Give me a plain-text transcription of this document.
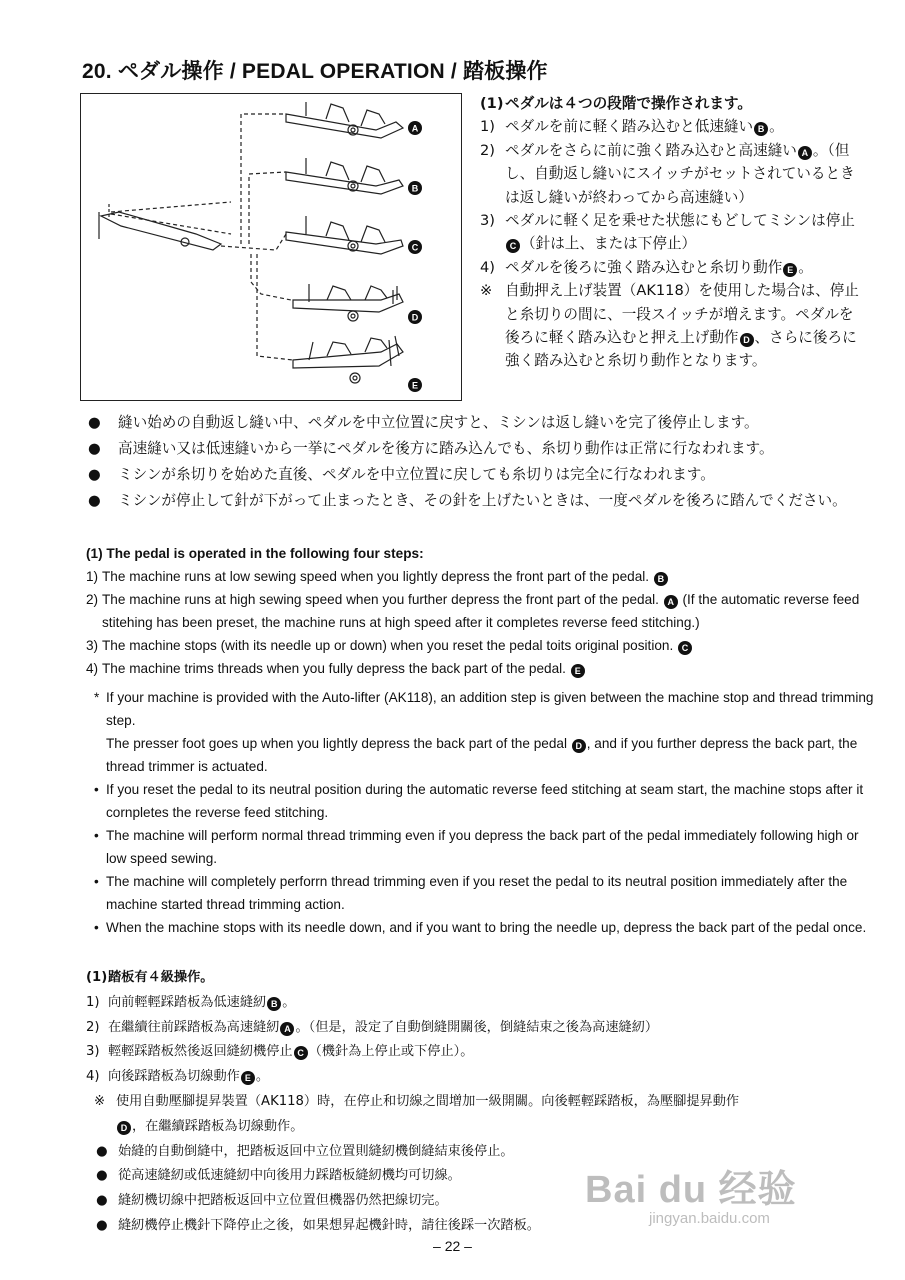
20. ペダル操作 / PEDAL OPERATION / 踏板操作
A
B
C
D
E
(1) ペダルは４つの段階で操作されます。
1) ペダルを前に軽く踏み込むと低速縫い B 。
2) ペダルをさらに前に強く踏み込むと高速縫い A 。（但し、自動返し縫いにスイッチがセットされているときは返し縫いが終わってから高速縫い）
3) ペダルに軽く足を乗せた状態にもどしてミシンは停止C （針は上、または下停止）
4) ペダルを後ろに強く踏み込むと糸切り動作 E 。
※ 自動押え上げ装置（AK118）を使用した場合は、停止と糸切りの間に、一段スイッチが増えます。ペダルを後ろに軽く踏み込むと押え上げ動作 D 、さらに後ろに強く踏み込むと糸切り動作となります。
●	縫い始めの自動返し縫い中、ペダルを中立位置に戻すと、ミシンは返し縫いを完了後停止します。
●	高速縫い又は低速縫いから一挙にペダルを後方に踏み込んでも、糸切り動作は正常に行なわれます。
●	ミシンが糸切りを始めた直後、ペダルを中立位置に戻しても糸切りは完全に行なわれます。
●	ミシンが停止して針が下がって止まったとき、その針を上げたいときは、一度ペダルを後ろに踏んでください。
(1) The pedal is operated in the following four steps:
1) The machine runs at low sewing speed when you lightly depress the front part of the pedal. B
2) The machine runs at high sewing speed when you further depress the front part of the pedal. A (If the automatic reverse feed stitehing has been preset, the machine runs at high speed after it completes reverse feed stitching.)
3) The machine stops (with its needle up or down) when you reset the pedal toits original position. C
4) The machine trims threads when you fully depress the back part of the pedal. E
* If your machine is provided with the Auto-lifter (AK118), an addition step is given between the machine stop and thread trimming step.
The presser foot goes up when you lightly depress the back part of the pedal D , and if you further depress the back part, the thread trimmer is actuated.
• If you reset the pedal to its neutral position during the automatic reverse feed stitching at seam start, the machine stops after it cornpletes the reverse feed stitching.
• The machine will perform normal thread trimming even if you depress the back part of the pedal immediately following high or low speed sewing.
• The machine will completely perforrn thread trimming even if you reset the pedal to its neutral position immediately after the machine started thread trimming action.
• When the machine stops with its needle down, and if you want to bring the needle up, depress the back part of the pedal once.
(1) 踏板有４級操作。
1) 向前輕輕踩踏板為低速縫紉 B 。
2) 在繼續往前踩踏板為高速縫紉 A 。（但是，設定了自動倒縫開關後，倒縫結束之後為高速縫紉）
3) 輕輕踩踏板然後返回縫紉機停止 C （機針為上停止或下停止）。
4) 向後踩踏板為切線動作 E 。
※ 使用自動壓腳提昇裝置（AK118）時，在停止和切線之間增加一級開關。向後輕輕踩踏板，為壓腳提昇動作
D ，在繼續踩踏板為切線動作。
● 始縫的自動倒縫中，把踏板返回中立位置則縫紉機倒縫結束後停止。
● 從高速縫紉或低速縫紉中向後用力踩踏板縫紉機均可切線。
● 縫紉機切線中把踏板返回中立位置但機器仍然把線切完。
● 縫紉機停止機針下降停止之後，如果想昇起機針時，請往後踩一次踏板。
Bai du 经验
jingyan.baidu.com
– 22 –
